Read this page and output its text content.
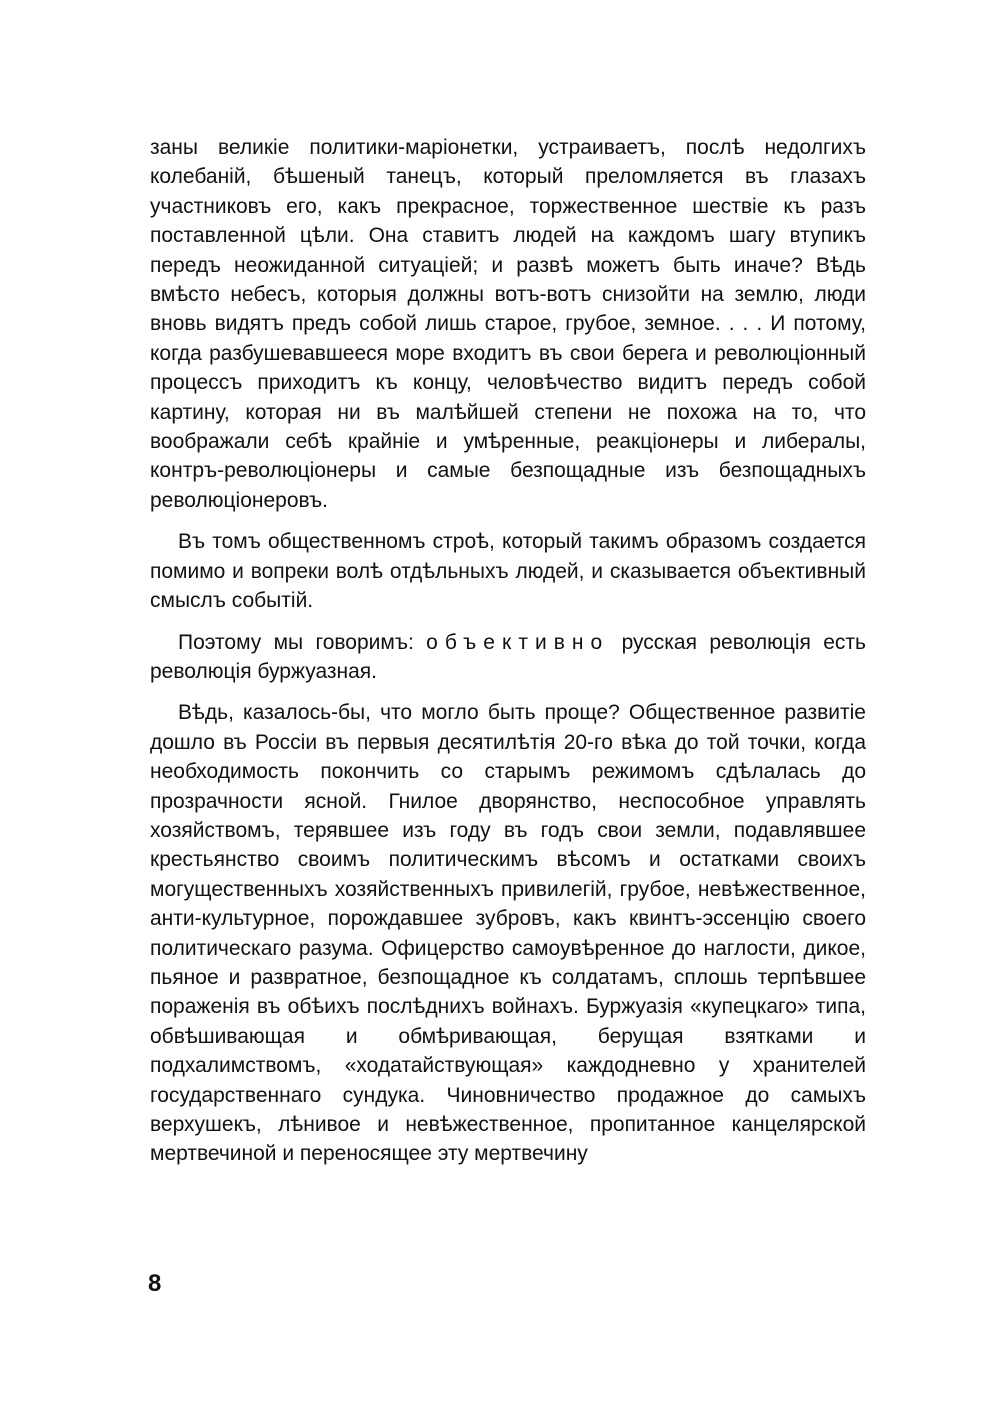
заны великіе политики-маріонетки, устраиваетъ, послѣ недолгихъ колебаній, бѣшеный танецъ, который преломляется въ глазахъ участниковъ его, какъ прекрасное, торжественное шествіе къ разъ поставленной цѣли. Она ставитъ людей на каждомъ шагу втупикъ передъ неожиданной ситуаціей; и развѣ можетъ быть иначе? Вѣдь вмѣсто небесъ, которыя должны вотъ-вотъ снизойти на землю, люди вновь видятъ предъ собой лишь старое, грубое, земное. . . . И потому, когда разбушевавшееся море входитъ въ свои берега и революціонный процессъ приходитъ къ концу, человѣчество видитъ передъ собой картину, которая ни въ малѣйшей степени не похожа на то, что воображали себѣ крайніе и умѣренные, реакціонеры и либералы, контръ-революціонеры и самые безпощадные изъ безпощадныхъ революціонеровъ.

Въ томъ общественномъ строѣ, который такимъ образомъ создается помимо и вопреки волѣ отдѣльныхъ людей, и сказывается объективный смыслъ событій.

Поэтому мы говоримъ: объективно русская революція есть революція буржуазная.

Вѣдь, казалось-бы, что могло быть проще? Общественное развитіе дошло въ Россіи въ первыя десятилѣтія 20-го вѣка до той точки, когда необходимость покончить со старымъ режимомъ сдѣлалась до прозрачности ясной. Гнилое дворянство, неспособное управлять хозяйствомъ, терявшее изъ году въ годъ свои земли, подавлявшее крестьянство своимъ политическимъ вѣсомъ и остатками своихъ могущественныхъ хозяйственныхъ привилегій, грубое, невѣжественное, анти-культурное, порождавшее зубровъ, какъ квинтъ-эссенцію своего политическаго разума. Офицерство самоувѣренное до наглости, дикое, пьяное и развратное, безпощадное къ солдатамъ, сплошь терпѣвшее пораженія въ обѣихъ послѣднихъ войнахъ. Буржуазія «купецкаго» типа, обвѣшивающая и обмѣривающая, берущая взятками и подхалимствомъ, «ходатайствующая» каждодневно у хранителей государственнаго сундука. Чиновничество продажное до самыхъ верхушекъ, лѣнивое и невѣжественное, пропитанное канцелярской мертвечиной и переносящее эту мертвечину

8
